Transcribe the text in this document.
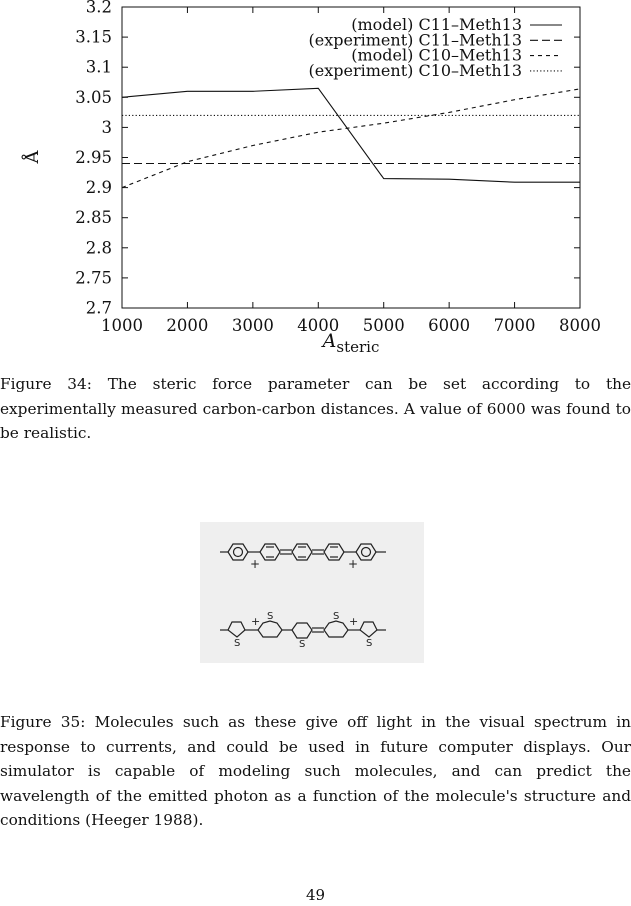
1000 2000 3000 4000 5000 6000 7000 8000
2.7
2.75
2.8
2.85
2.9
2.95
3
3.05
3.1
3.15
3.2
(model) C11–Meth13
(experiment) C11–Meth13
(model) C10–Meth13
(experiment) C10–Meth13
Å
$A_{steric}$

Figure 34: The steric force parameter can be set according to the experimentally measured carbon-carbon distances. A value of 6000 was found to be realistic.

+	+
S
S
S
S
S
+	+

Figure 35: Molecules such as these give off light in the visual spectrum in response to currents, and could be used in future computer displays. Our simulator is capable of modeling such molecules, and can predict the wavelength of the emitted photon as a function of the molecule's structure and conditions (Heeger 1988).

49
